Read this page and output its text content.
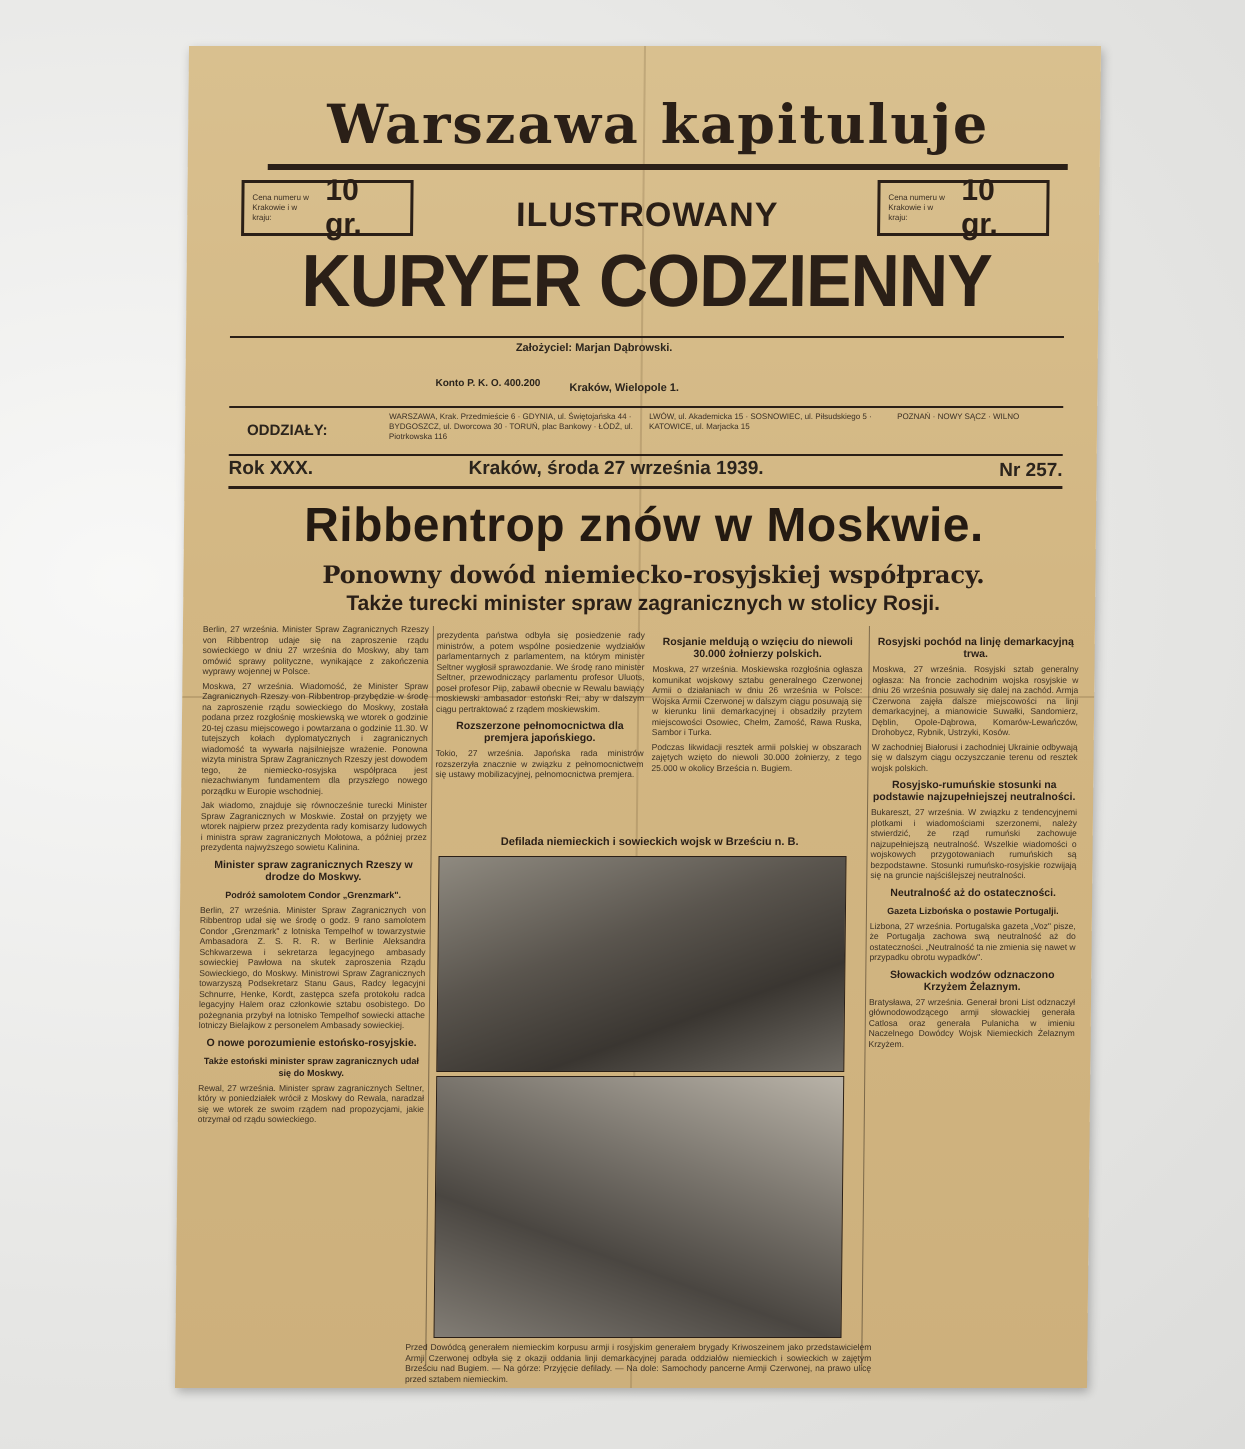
Warszawa kapituluje
Cena numeru w Krakowie i w kraju:
10 gr.
Cena numeru w Krakowie i w kraju:
10 gr.
ILUSTROWANY
KURYER CODZIENNY
Założyciel: Marjan Dąbrowski.
Konto P. K. O. 400.200	Kraków, Wielopole 1.
ODDZIAŁY:
WARSZAWA, Krak. Przedmieście 6 · GDYNIA, ul. Świętojańska 44 · BYDGOSZCZ, ul. Dworcowa 30 · TORUŃ, plac Bankowy · ŁÓDŹ, ul. Piotrkowska 116
LWÓW, ul. Akademicka 15 · SOSNOWIEC, ul. Piłsudskiego 5 · KATOWICE, ul. Marjacka 15
POZNAŃ · NOWY SĄCZ · WILNO
Rok XXX.	Kraków, środa 27 września 1939.	Nr 257.
Ribbentrop znów w Moskwie.
Ponowny dowód niemiecko-rosyjskiej współpracy.
Także turecki minister spraw zagranicznych w stolicy Rosji.

Berlin, 27 września. Minister Spraw Zagranicznych Rzeszy von Ribbentrop udaje się na zaproszenie rządu sowieckiego w dniu 27 września do Moskwy, aby tam omówić sprawy polityczne, wynikające z zakończenia wyprawy wojennej w Polsce.

Moskwa, 27 września. Wiadomość, że Minister Spraw Zagranicznych Rzeszy von Ribbentrop przybędzie w środę na zaproszenie rządu sowieckiego do Moskwy, została podana przez rozgłośnię moskiewską we wtorek o godzinie 20-tej czasu miejscowego i powtarzana o godzinie 11.30. W tutejszych kołach dyplomatycznych i zagranicznych wiadomość ta wywarła najsilniejsze wrażenie. Ponowna wizyta ministra Spraw Zagranicznych Rzeszy jest dowodem tego, że niemiecko-rosyjska współpraca jest niezachwianym fundamentem dla przyszłego nowego porządku w Europie wschodniej.

Jak wiadomo, znajduje się równocześnie turecki Minister Spraw Zagranicznych w Moskwie. Został on przyjęty we wtorek najpierw przez prezydenta rady komisarzy ludowych i ministra spraw zagranicznych Mołotowa, a później przez prezydenta najwyższego sowietu Kalinina.

Minister spraw zagranicznych Rzeszy w drodze do Moskwy.
Podróż samolotem Condor „Grenzmark".

Berlin, 27 września. Minister Spraw Zagranicznych von Ribbentrop udał się we środę o godz. 9 rano samolotem Condor „Grenzmark" z lotniska Tempelhof w towarzystwie Ambasadora Z. S. R. R. w Berlinie Aleksandra Schkwarzewa i sekretarza legacyjnego ambasady sowieckiej Pawłowa na skutek zaproszenia Rządu Sowieckiego, do Moskwy. Ministrowi Spraw Zagranicznych towarzyszą Podsekretarz Stanu Gaus, Radcy legacyjni Schnurre, Henke, Kordt, zastępca szefa protokołu radca legacyjny Halem oraz członkowie sztabu osobistego. Do pożegnania przybył na lotnisko Tempelhof sowiecki attache lotniczy Bielajkow z personelem Ambasady sowieckiej.

O nowe porozumienie estońsko-rosyjskie.
Także estoński minister spraw zagranicznych udał się do Moskwy.

Rewal, 27 września. Minister spraw zagranicznych Seltner, który w poniedziałek wrócił z Moskwy do Rewala, naradzał się we wtorek ze swoim rządem nad propozycjami, jakie otrzymał od rządu sowieckiego.

prezydenta państwa odbyła się posiedzenie rady ministrów, a potem wspólne posiedzenie wydziałów parlamentarnych z parlamentem, na którym minister Seltner wygłosił sprawozdanie. We środę rano minister Seltner, przewodniczący parlamentu profesor Uluots, poseł profesor Piip, zabawił obecnie w Rewalu bawiący moskiewski ambasador estoński Rei, aby w dalszym ciągu pertraktować z rządem moskiewskim.

Rozszerzone pełnomocnictwa dla premjera japońskiego.

Tokio, 27 września. Japońska rada ministrów rozszerzyła znacznie w związku z pełnomocnictwem się ustawy mobilizacyjnej, pełnomocnictwa premjera.

Rosjanie meldują o wzięciu do niewoli 30.000 żołnierzy polskich.

Moskwa, 27 września. Moskiewska rozgłośnia ogłasza komunikat wojskowy sztabu generalnego Czerwonej Armii o działaniach w dniu 26 września w Polsce: Wojska Armii Czerwonej w dalszym ciągu posuwają się w kierunku linii demarkacyjnej i obsadziły przytem miejscowości Osowiec, Chełm, Zamość, Rawa Ruska, Sambor i Turka.

Podczas likwidacji resztek armii polskiej w obszarach zajętych wzięto do niewoli 30.000 żołnierzy, z tego 25.000 w okolicy Brześcia n. Bugiem.

Rosyjski pochód na linję demarkacyjną trwa.

Moskwa, 27 września. Rosyjski sztab generalny ogłasza: Na froncie zachodnim wojska rosyjskie w dniu 26 września posuwały się dalej na zachód. Armja Czerwona zajęła dalsze miejscowości na linji demarkacyjnej, a mianowicie Suwałki, Sandomierz, Dęblin, Opole-Dąbrowa, Komarów-Lewańczów, Drohobycz, Rybnik, Ustrzyki, Kosów.

W zachodniej Białorusi i zachodniej Ukrainie odbywają się w dalszym ciągu oczyszczanie terenu od resztek wojsk polskich.

Rosyjsko-rumuńskie stosunki na podstawie najzupełniejszej neutralności.

Bukareszt, 27 września. W związku z tendencyjnemi plotkami i wiadomościami szerzonemi, należy stwierdzić, że rząd rumuński zachowuje najzupełniejszą neutralność. Wszelkie wiadomości o wojskowych przygotowaniach rumuńskich są bezpodstawne. Stosunki rumuńsko-rosyjskie rozwijają się na gruncie najściślejszej neutralności.

Neutralność aż do ostateczności.
Gazeta Lizbońska o postawie Portugalji.

Lizbona, 27 września. Portugalska gazeta „Voz" pisze, że Portugalja zachowa swą neutralność aż do ostateczności. „Neutralność ta nie zmienia się nawet w przypadku obrotu wypadków".

Słowackich wodzów odznaczono Krzyżem Żelaznym.

Bratysława, 27 września. Generał broni List odznaczył głównodowodzącego armji słowackiej generała Catlosa oraz generała Pulanicha w imieniu Naczelnego Dowódcy Wojsk Niemieckich Żelaznym Krzyżem.

Defilada niemieckich i sowieckich wojsk w Brześciu n. B.
Przed Dowódcą generałem niemieckim korpusu armji i rosyjskim generałem brygady Kriwoszeinem jako przedstawicielem Armji Czerwonej odbyła się z okazji oddania linji demarkacyjnej parada oddziałów niemieckich i sowieckich w zajętym Brześciu nad Bugiem. — Na górze: Przyjęcie defilady. — Na dole: Samochody pancerne Armji Czerwonej, na prawo ulicę przed sztabem niemieckim.
